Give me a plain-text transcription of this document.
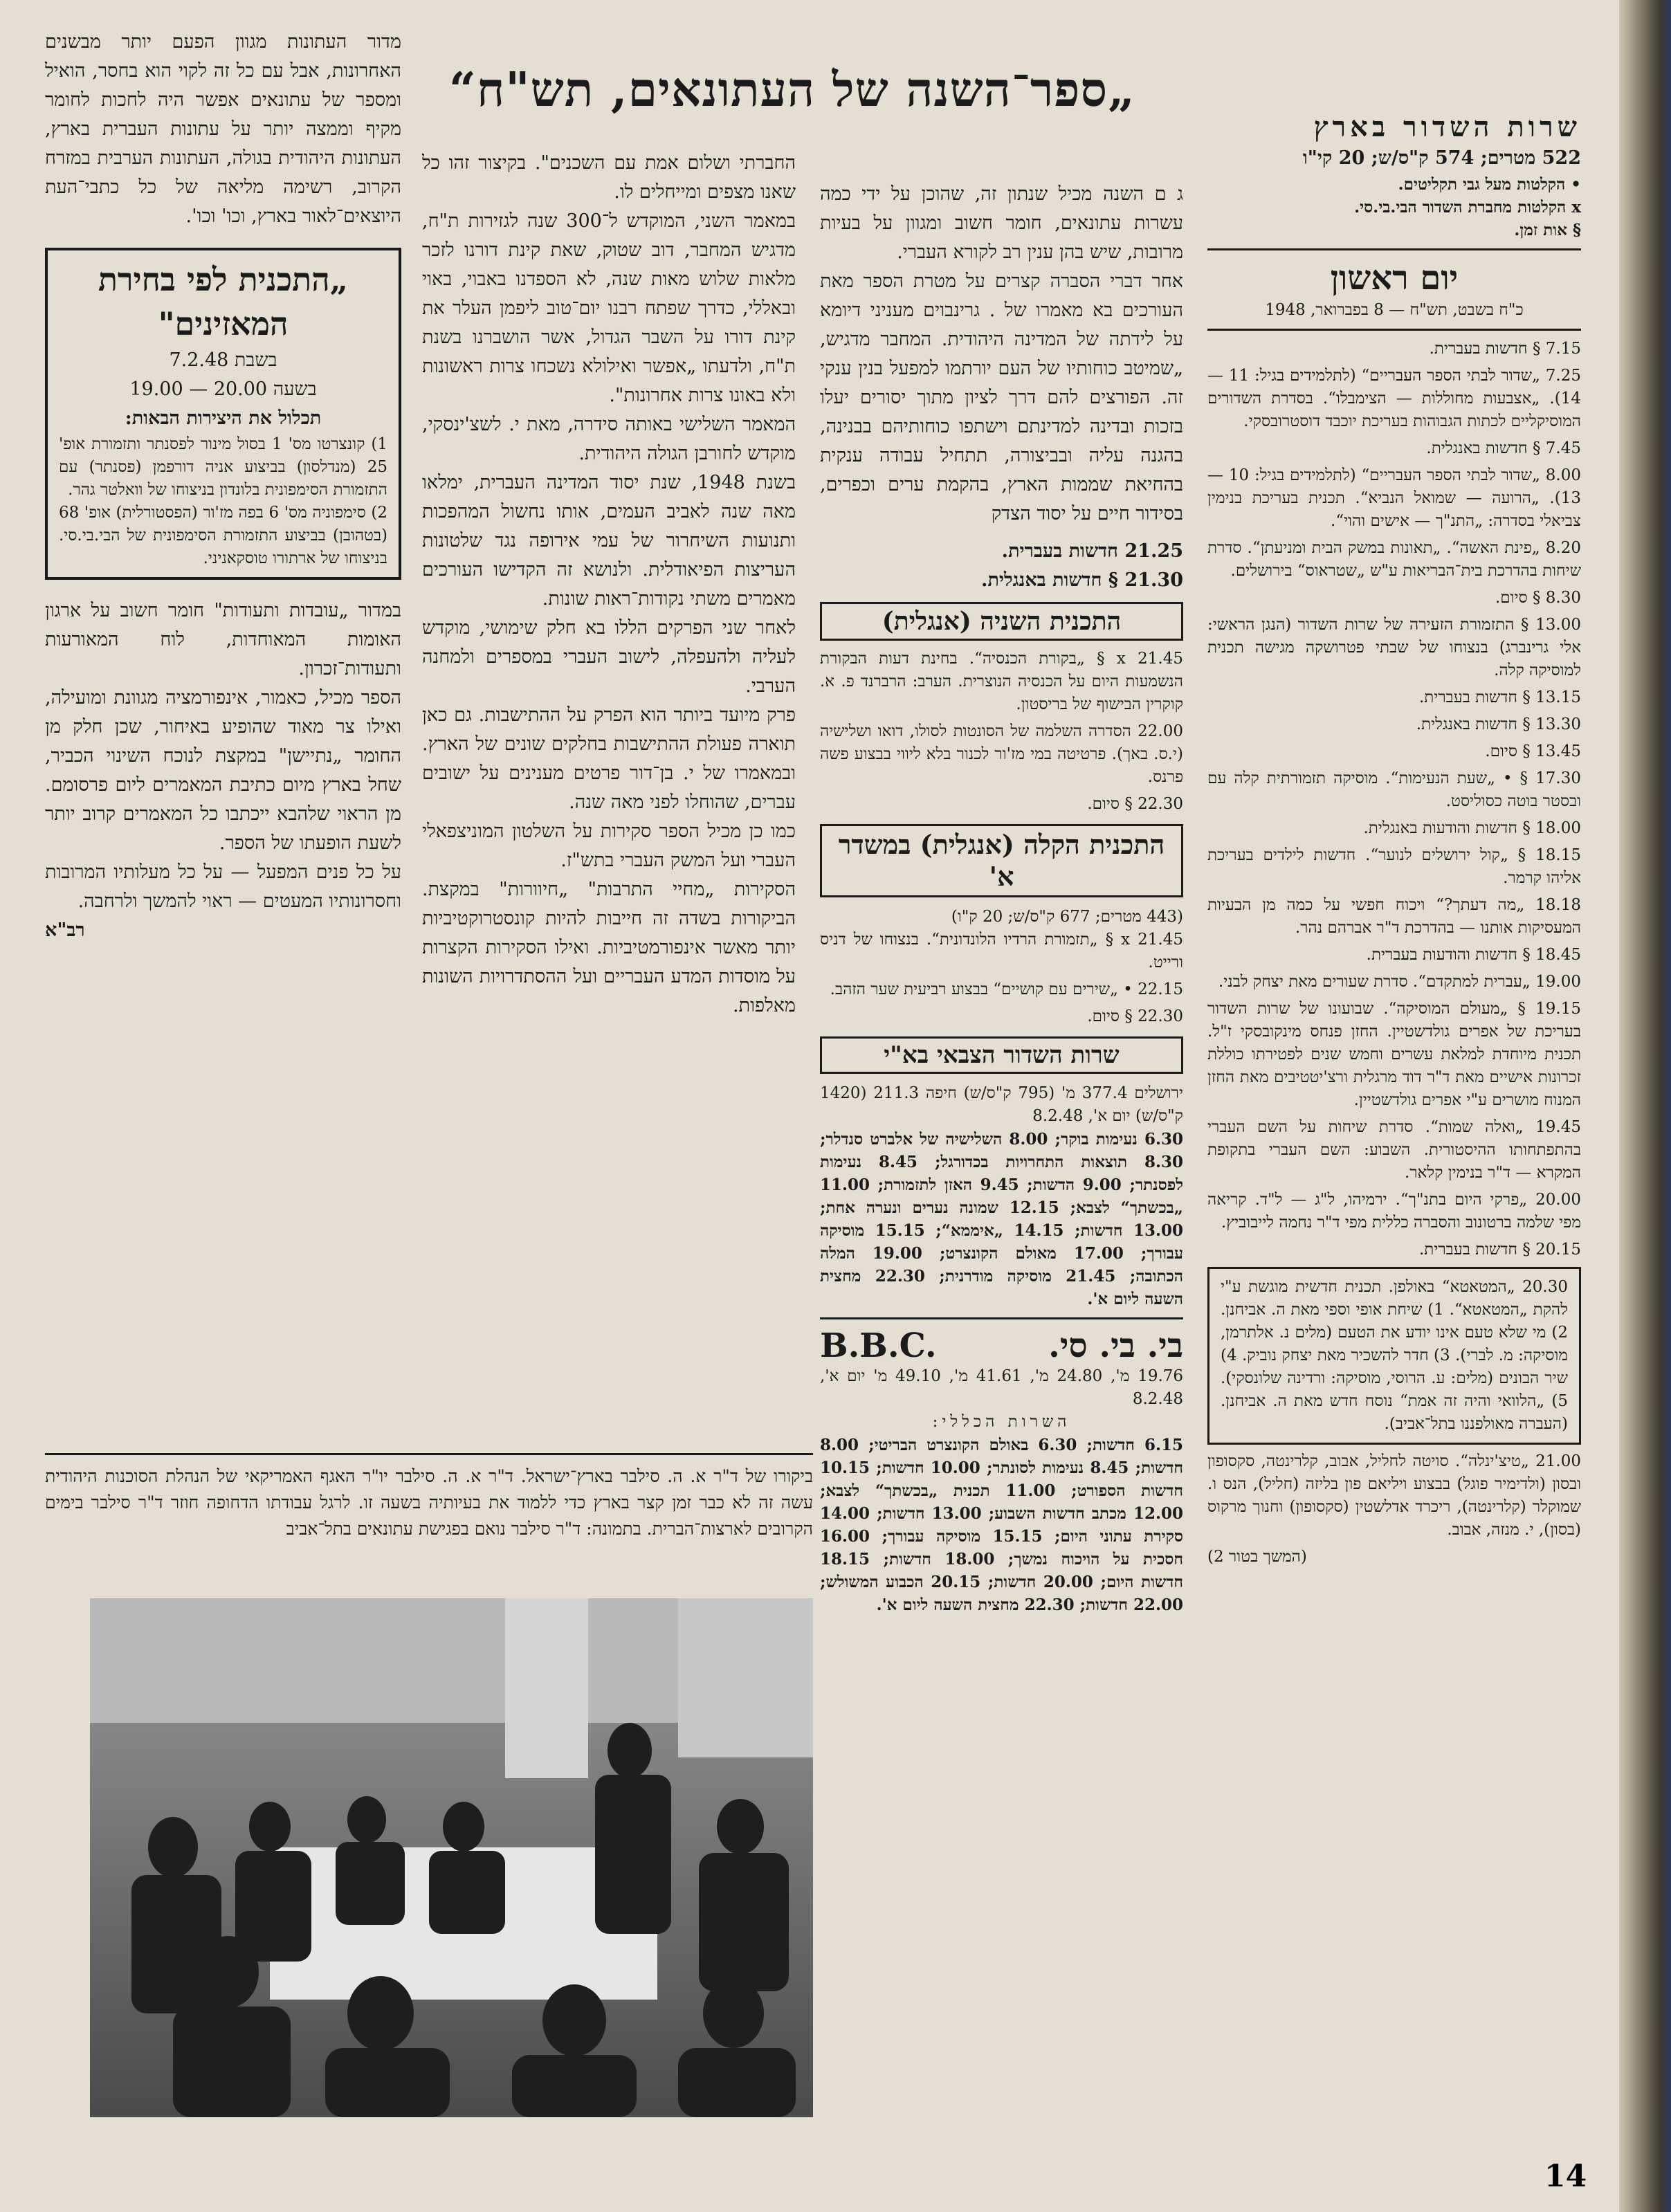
„ספר־השנה של העתונאים, תש"ח“

שרות השדור בארץ

522 מטרים; 574 ק"ס/ש; 20 קי"ו

• הקלטות מעל גבי תקליטים.

x הקלטות מחברת השדור הבי.בי.סי.

§ אות זמן.

יום ראשון

כ"ח בשבט, תש"ח — 8 בפברואר, 1948

7.15 § חדשות בעברית.

7.25 „שדור לבתי הספר העבריים“ (לתלמידים בגיל: 11 — 14). „אצבעות מחוללות — הצימבלו“. בסדרת השדורים המוסיקליים לכתות הגבוהות בעריכת יוכבד דוסטרובסקי.

7.45 § חדשות באנגלית.

8.00 „שדור לבתי הספר העבריים“ (לתלמידים בגיל: 10 — 13). „הרועה — שמואל הנביא“. תכנית בעריכת בנימין צביאלי בסדרה: „התנ"ך — אישים והוי“.

8.20 „פינת האשה“. „תאונות במשק הבית ומניעתן“. סדרת שיחות בהדרכת בית־הבריאות ע"ש „שטראוס“ בירושלים.

8.30 § סיום.

13.00 § התזמורת הזעירה של שרות השדור (הנגן הראשי: אלי גרינברג) בנצוחו של שבתי פטרושקה מגישה תכנית למוסיקה קלה.

13.15 § חדשות בעברית.

13.30 § חדשות באנגלית.

13.45 § סיום.

17.30 § • „שעת הנעימות“. מוסיקה תזמורתית קלה עם ובסטר בוטה כסוליסט.

18.00 § חדשות והודעות באנגלית.

18.15 § „קול ירושלים לנוער“. חדשות לילדים בעריכת אליהו קרמר.

18.18 „מה דעתך?“ ויכוח חפשי על כמה מן הבעיות המעסיקות אותנו — בהדרכת ד"ר אברהם נהר.

18.45 § חדשות והודעות בעברית.

19.00 „עברית למתקדם“. סדרת שעורים מאת יצחק לבני.

19.15 § „מעולם המוסיקה“. שבועונו של שרות השדור בעריכת של אפרים גולדשטיין. החזן פנחס מינקובסקי ז"ל. תכנית מיוחדת למלאת עשרים וחמש שנים לפטירתו כוללת זכרונות אישיים מאת ד"ר דוד מרגלית ורצ'יטטיבים מאת החזן המנוח מושרים ע"י אפרים גולדשטיין.

19.45 „ואלה שמות“. סדרת שיחות על השם העברי בהתפתחותו ההיסטורית. השבוע: השם העברי בתקופת המקרא — ד"ר בנימין קלאר.

20.00 „פרקי היום בתנ"ך“. ירמיהו, ל"ג — ל"ד. קריאה מפי שלמה ברטונוב והסברה כללית מפי ד"ר נחמה לייבוביץ.

20.15 § חדשות בעברית.

20.30 „המטאטא“ באולפן. תכנית חדשית מוגשת ע"י להקת „המטאטא“. 1) שיחת אופי וספי מאת ה. אביחנן. 2) מי שלא טעם אינו יודע את הטעם (מלים נ. אלתרמן, מוסיקה: מ. לברי). 3) חדר להשכיר מאת יצחק נוביק. 4) שיר הבונים (מלים: ע. הרוסי, מוסיקה: ורדינה שלונסקי). 5) „הלוואי והיה זה אמת“ נוסח חדש מאת ה. אביחנן. (העברה מאולפננו בתל־אביב).

21.00 „טיצ'ינלה“. סויטה לחליל, אבוב, קלרינטה, סקסופון ובסון (ולדימיר פוגל) בבצוע ויליאם פון בליזה (חליל), הנס ו. שמוקלר (קלרינטה), ריכרד אדלשטין (סקסופון) וחנוך מרקוס (בסון), י. מנזה, אבוב.

(המשך בטור 2)

ג ם השנה מכיל שנתון זה, שהוכן על ידי כמה עשרות עתונאים, חומר חשוב ומגוון על בעיות מרובות, שיש בהן ענין רב לקורא העברי.

אחר דברי הסברה קצרים על מטרת הספר מאת העורכים בא מאמרו של . גרינבוים מעניני דיומא על לידתה של המדינה היהודית. המחבר מדגיש, „שמיטב כוחותיו של העם יורתמו למפעל בנין ענקי זה. הפורצים להם דרך לציון מתוך יסורים יעלו בזכות ובדינה למדינתם וישתפו כוחותיהם בבנינה, בהגנה עליה ובביצורה, תתחיל עבודה ענקית בהחיאת שממות הארץ, בהקמת ערים וכפרים, בסידור חיים על יסוד הצדק

21.25 חדשות בעברית.

21.30 § חדשות באנגלית.

התכנית השניה (אנגלית)

21.45 x § „בקורת הכנסיה“. בחינת דעות הבקורת הנשמעות היום על הכנסיה הנוצרית. הערב: הרברנד פ. א. קוקרין הבישוף של בריסטון.

22.00 הסדרה השלמה של הסונטות לסולו, דואו ושלישיה (י.ס. באך). פרטיטה במי מז'ור לכנור בלא ליווי בבצוע פשה פרנס.

22.30 § סיום.

התכנית הקלה (אנגלית) במשדר א'

(443 מטרים; 677 ק"ס/ש; 20 ק"ו)

21.45 x § „תזמורת הרדיו הלונדונית“. בנצוחו של דניס ורייט.

22.15 • „שירים עם קושיים“ בבצוע רביעית שער הזהב.

22.30 § סיום.

שרות השדור הצבאי בא"י

ירושלים 377.4 מ' (795 ק"ס/ש) חיפה 211.3 (1420 ק"ס/ש) יום א', 8.2.48

6.30 נעימות בוקר; 8.00 השלישיה של אלברט סנדלר; 8.30 תוצאות התחרויות בכדורגל; 8.45 נעימות לפסנתר; 9.00 הדשות; 9.45 האזן לתזמורת; 11.00 „בכשתך“ לצבא; 12.15 שמונה נערים ונערה אחת; 13.00 חדשות; 14.15 „איממא“; 15.15 מוסיקה עבורך; 17.00 מאולם הקונצרט; 19.00 המלה הכתובה; 21.45 מוסיקה מודרנית; 22.30 מחצית השעה ליום א'.

בי. בי. סי.
B.B.C.

19.76 מ', 24.80 מ', 41.61 מ', 49.10 מ' יום א', 8.2.48

השרות הכללי:

6.15 חדשות; 6.30 באולם הקונצרט הבריטי; 8.00 חדשות; 8.45 נעימות לסונתר; 10.00 חדשות; 10.15 חדשות הספורט; 11.00 תכנית „בכשתך“ לצבא; 12.00 מכתב חדשות השבוע; 13.00 חדשות; 14.00 סקירת עתוני היום; 15.15 מוסיקה עבורך; 16.00 חסכית על הויכוח נמשך; 18.00 חדשות; 18.15 חדשות היום; 20.00 חדשות; 20.15 הכבוע המשולש; 22.00 חדשות; 22.30 מחצית השעה ליום א'.

החברתי ושלום אמת עם השכנים". בקיצור זהו כל שאנו מצפים ומייחלים לו.

במאמר השני, המוקדש ל־300 שנה לגזירות ת"ח, מדגיש המחבר, דוב שטוק, שאת קינת דורנו לזכר מלאות שלוש מאות שנה, לא הספדנו באבוי, באוי ובאללי, כדרך שפתח רבנו יום־טוב ליפמן העלר את קינת דורו על השבר הגדול, אשר הושברנו בשנת ת"ח, ולדעתו „אפשר ואילולא נשכחו צרות ראשונות ולא באונו צרות אחרונות".

המאמר השלישי באותה סידרה, מאת י. לשצ'ינסקי, מוקדש לחורבן הגולה היהודית.

בשנת 1948, שנת יסוד המדינה העברית, ימלאו מאה שנה לאביב העמים, אותו נחשול המהפכות ותנועות השיחרור של עמי אירופה נגד שלטונות העריצות הפיאודלית. ולנושא זה הקדישו העורכים מאמרים משתי נקודות־ראות שונות.

לאחר שני הפרקים הללו בא חלק שימושי, מוקדש לעליה ולהעפלה, לישוב העברי במספרים ולמחנה הערבי.

פרק מיועד ביותר הוא הפרק על ההתישבות. גם כאן תוארה פעולת ההתישבות בחלקים שונים של הארץ. ובמאמרו של י. בן־דור פרטים מענינים על ישובים עברים, שהוחלו לפני מאה שנה.

כמו כן מכיל הספר סקירות על השלטון המוניצפאלי העברי ועל המשק העברי בתש"ז.

הסקירות „מחיי התרבות" „חיוורות" במקצת. הביקורות בשדה זה חייבות להיות קונסטרוקטיביות יותר מאשר אינפורמטיביות. ואילו הסקירות הקצרות על מוסדות המדע העבריים ועל ההסתדרויות השונות מאלפות.

מדור העתונות מגוון הפעם יותר מבשנים האחרונות, אבל עם כל זה לקוי הוא בחסר, הואיל ומספר של עתונאים אפשר היה לחכות לחומר מקיף וממצה יותר על עתונות העברית בארץ, העתונות היהודית בגולה, העתונות הערבית במזרח הקרוב, רשימה מליאה של כל כתבי־העת היוצאים־לאור בארץ, וכו' וכו'.

„התכנית לפי בחירת המאזינים"

בשבת 7.2.48

בשעה 20.00 — 19.00

תכלול את היצירות הבאות:

1) קונצרטו מס' 1 בסול מינור לפסנתר ותזמורת אופ' 25 (מנדלסון) בביצוע אניה דורפמן (פסנתר) עם התזמורת הסימפונית בלונדון בניצוחו של וואלטר גהר.

2) סימפוניה מס' 6 בפה מז'ור (הפסטורלית) אופ' 68 (בטהובן) בביצוע התזמורת הסימפונית של הבי.בי.סי. בניצוחו של ארתורו טוסקאניני.

במדור „עובדות ותעודות" חומר חשוב על ארגון האומות המאוחדות, לוח המאורעות ותעודות־זכרון.

הספר מכיל, כאמור, אינפורמציה מגוונת ומועילה, ואילו צר מאוד שהופיע באיחור, שכן חלק מן החומר „נתיישן" במקצת לנוכח השינוי הכביר, שחל בארץ מיום כתיבת המאמרים ליום פרסומם. מן הראוי שלהבא ייכתבו כל המאמרים קרוב יותר לשעת הופעתו של הספר.

על כל פנים המפעל — על כל מעלותיו המרובות וחסרונותיו המעטים — ראוי להמשך ולרחבה.

רב"א

ביקורו של ד"ר א. ה. סילבר בארץ־ישראל. ד"ר א. ה. סילבר יו"ר האגף האמריקאי של הנהלת הסוכנות היהודית עשה זה לא כבר זמן קצר בארץ כדי ללמוד את בעיותיה בשעה זו. לרגל עבודתו הדחופה חוזר ד"ר סילבר בימים הקרובים לארצות־הברית. בתמונה: ד"ר סילבר נואם בפגישת עתונאים בתל־אביב

14
